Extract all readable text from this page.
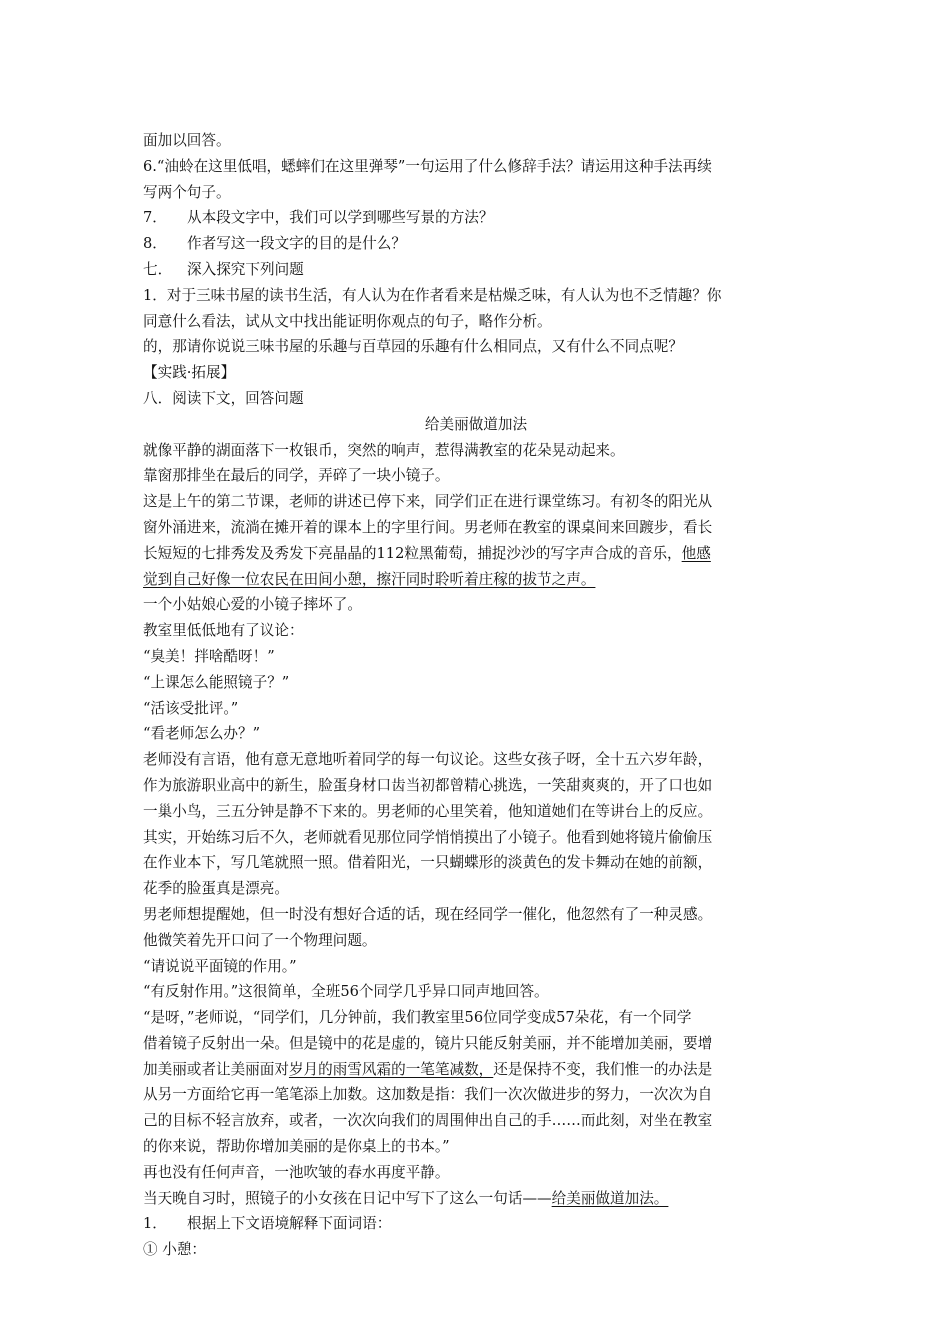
面加以回答。
6.“油蛉在这里低唱，蟋蟀们在这里弹琴”一句运用了什么修辞手法？请运用这种手法再续
写两个句子。
7． 从本段文字中，我们可以学到哪些写景的方法？
8． 作者写这一段文字的目的是什么？
七． 深入探究下列问题
1．对于三味书屋的读书生活，有人认为在作者看来是枯燥乏味，有人认为也不乏情趣？你
同意什么看法，试从文中找出能证明你观点的句子，略作分析。
的，那请你说说三味书屋的乐趣与百草园的乐趣有什么相同点，又有什么不同点呢？
【实践·拓展】
八．阅读下文，回答问题
给美丽做道加法
就像平静的湖面落下一枚银币，突然的响声，惹得满教室的花朵晃动起来。
靠窗那排坐在最后的同学，弄碎了一块小镜子。
这是上午的第二节课，老师的讲述已停下来，同学们正在进行课堂练习。有初冬的阳光从
窗外涌进来，流淌在摊开着的课本上的字里行间。男老师在教室的课桌间来回踱步，看长
长短短的七排秀发及秀发下亮晶晶的112粒黑葡萄，捕捉沙沙的写字声合成的音乐，他感
觉到自己好像一位农民在田间小憩，擦汗同时聆听着庄稼的拔节之声。
一个小姑娘心爱的小镜子摔坏了。
教室里低低地有了议论：
“臭美！拌啥酷呀！”
“上课怎么能照镜子？”
“活该受批评。”
“看老师怎么办？”
老师没有言语，他有意无意地听着同学的每一句议论。这些女孩子呀，全十五六岁年龄，
作为旅游职业高中的新生，脸蛋身材口齿当初都曾精心挑选，一笑甜爽爽的，开了口也如
一巢小鸟，三五分钟是静不下来的。男老师的心里笑着，他知道她们在等讲台上的反应。
其实，开始练习后不久，老师就看见那位同学悄悄摸出了小镜子。他看到她将镜片偷偷压
在作业本下，写几笔就照一照。借着阳光，一只蝴蝶形的淡黄色的发卡舞动在她的前额，
花季的脸蛋真是漂亮。
男老师想提醒她，但一时没有想好合适的话，现在经同学一催化，他忽然有了一种灵感。
他微笑着先开口问了一个物理问题。
“请说说平面镜的作用。”
“有反射作用。”这很简单，全班56个同学几乎异口同声地回答。
“是呀，”老师说，“同学们，几分钟前，我们教室里56位同学变成57朵花，有一个同学
借着镜子反射出一朵。但是镜中的花是虚的，镜片只能反射美丽，并不能增加美丽，要增
加美丽或者让美丽面对岁月的雨雪风霜的一笔笔减数，还是保持不变，我们惟一的办法是
从另一方面给它再一笔笔添上加数。这加数是指：我们一次次做进步的努力，一次次为自
己的目标不轻言放弃，或者，一次次向我们的周围伸出自己的手……而此刻，对坐在教室
的你来说，帮助你增加美丽的是你桌上的书本。”
再也没有任何声音，一池吹皱的春水再度平静。
当天晚自习时，照镜子的小女孩在日记中写下了这么一句话——给美丽做道加法。
1． 根据上下文语境解释下面词语：
① 小憩：
